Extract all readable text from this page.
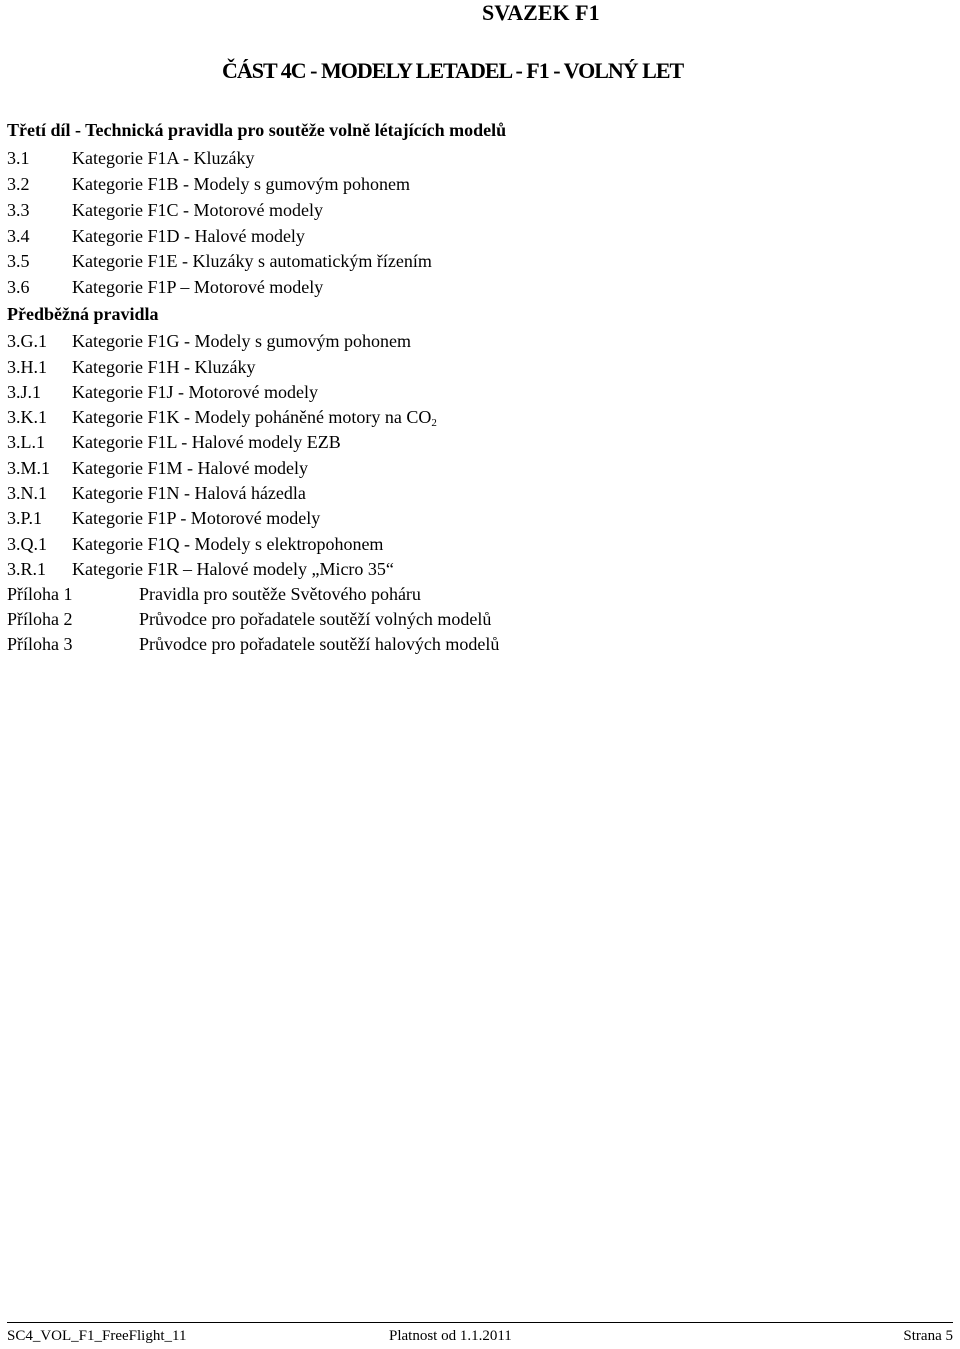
SVAZEK F1
ČÁST 4C - MODELY LETADEL - F1 - VOLNÝ LET
Třetí díl - Technická pravidla pro soutěže volně létajících modelů
3.1 Kategorie F1A - Kluzáky
3.2 Kategorie F1B - Modely s gumovým pohonem
3.3 Kategorie F1C - Motorové modely
3.4 Kategorie F1D - Halové modely
3.5 Kategorie F1E - Kluzáky s automatickým řízením
3.6 Kategorie F1P – Motorové modely
Předběžná pravidla
3.G.1 Kategorie F1G - Modely s gumovým pohonem
3.H.1 Kategorie F1H - Kluzáky
3.J.1 Kategorie F1J - Motorové modely
3.K.1 Kategorie F1K - Modely poháněné motory na $CO_2$
3.L.1 Kategorie F1L - Halové modely EZB
3.M.1 Kategorie F1M - Halové modely
3.N.1 Kategorie F1N - Halová házedla
3.P.1 Kategorie F1P - Motorové modely
3.Q.1 Kategorie F1Q - Modely s elektropohonem
3.R.1 Kategorie F1R – Halové modely „Micro 35“
Příloha 1	Pravidla pro soutěže Světového poháru
Příloha 2	Průvodce pro pořadatele soutěží volných modelů
Příloha 3	Průvodce pro pořadatele soutěží halových modelů
SC4_VOL_F1_FreeFlight_11	Platnost od 1.1.2011	Strana 5
